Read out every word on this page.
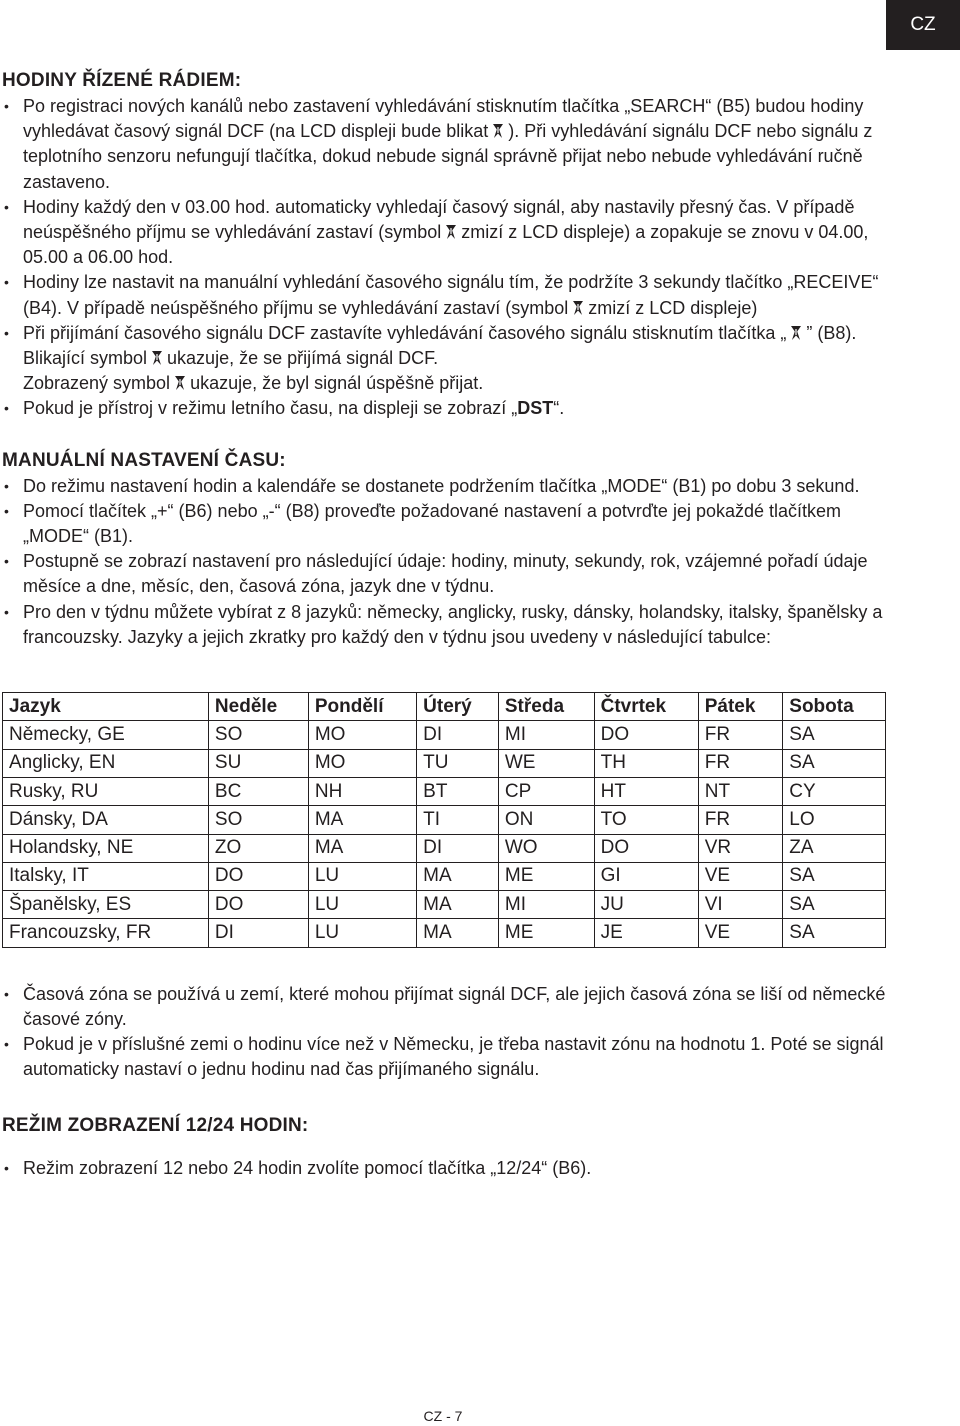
CZ
HODINY ŘÍZENÉ RÁDIEM:
• Po registraci nových kanálů nebo zastavení vyhledávání stisknutím tlačítka „SEARCH“ (B5) budou hodiny vyhledávat časový signál DCF (na LCD displeji bude blikat ). Při vyhledávání signálu DCF nebo signálu z teplotního senzoru nefungují tlačítka, dokud nebude signál správně přijat nebo nebude vyhledávání ručně zastaveno.
• Hodiny každý den v 03.00 hod. automaticky vyhledají časový signál, aby nastavily přesný čas. V případě neúspěšného příjmu se vyhledávání zastaví (symbol zmizí z LCD displeje) a zopakuje se znovu v 04.00, 05.00 a 06.00 hod.
• Hodiny lze nastavit na manuální vyhledání časového signálu tím, že podržíte 3 sekundy tlačítko „RECEIVE“ (B4). V případě neúspěšného příjmu se vyhledávání zastaví (symbol zmizí z LCD displeje)
• Při přijímání časového signálu DCF zastavíte vyhledávání časového signálu stisknutím tlačítka „ ” (B8).
Blikající symbol ukazuje, že se přijímá signál DCF.
Zobrazený symbol ukazuje, že byl signál úspěšně přijat.
• Pokud je přístroj v režimu letního času, na displeji se zobrazí „DST“.
MANUÁLNÍ NASTAVENÍ ČASU:
• Do režimu nastavení hodin a kalendáře se dostanete podržením tlačítka „MODE“ (B1) po dobu 3 sekund.
• Pomocí tlačítek „+“ (B6) nebo „-“ (B8) proveďte požadované nastavení a potvrďte jej pokaždé tlačítkem „MODE“ (B1).
• Postupně se zobrazí nastavení pro následující údaje: hodiny, minuty, sekundy, rok, vzájemné pořadí údaje měsíce a dne, měsíc, den, časová zóna, jazyk dne v týdnu.
• Pro den v týdnu můžete vybírat z 8 jazyků: německy, anglicky, rusky, dánsky, holandsky, italsky, španělsky a francouzsky. Jazyky a jejich zkratky pro každý den v týdnu jsou uvedeny v následující tabulce:
Jazyk	Neděle	Pondělí	Úterý	Středa	Čtvrtek	Pátek	Sobota
Německy, GE	SO	MO	DI	MI	DO	FR	SA
Anglicky, EN	SU	MO	TU	WE	TH	FR	SA
Rusky, RU	BC	NH	BT	CP	HT	NT	CY
Dánsky, DA	SO	MA	TI	ON	TO	FR	LO
Holandsky, NE	ZO	MA	DI	WO	DO	VR	ZA
Italsky, IT	DO	LU	MA	ME	GI	VE	SA
Španělsky, ES	DO	LU	MA	MI	JU	VI	SA
Francouzsky, FR	DI	LU	MA	ME	JE	VE	SA
• Časová zóna se používá u zemí, které mohou přijímat signál DCF, ale jejich časová zóna se liší od německé časové zóny.
• Pokud je v příslušné zemi o hodinu více než v Německu, je třeba nastavit zónu na hodnotu 1. Poté se signál automaticky nastaví o jednu hodinu nad čas přijímaného signálu.
REŽIM ZOBRAZENÍ 12/24 HODIN:
• Režim zobrazení 12 nebo 24 hodin zvolíte pomocí tlačítka „12/24“ (B6).
CZ - 7
